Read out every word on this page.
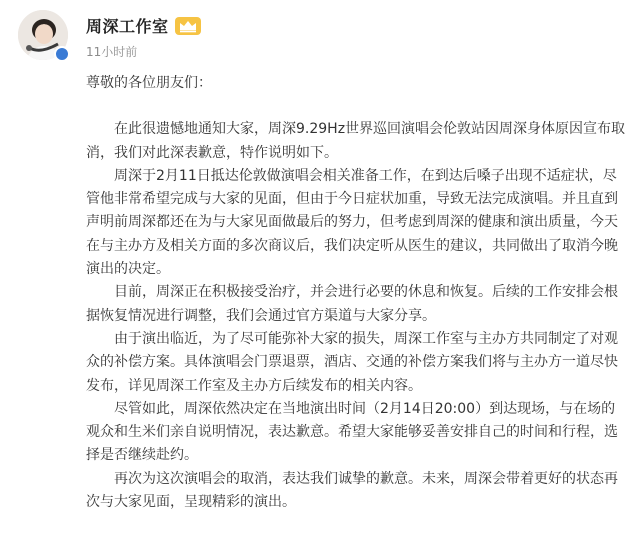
周深工作室
11小时前

尊敬的各位朋友们：

在此很遗憾地通知大家，周深9.29Hz世界巡回演唱会伦敦站因周深身体原因宣布取消，我们对此深表歉意，特作说明如下。

周深于2月11日抵达伦敦做演唱会相关准备工作，在到达后嗓子出现不适症状，尽管他非常希望完成与大家的见面，但由于今日症状加重，导致无法完成演唱。并且直到声明前周深都还在为与大家见面做最后的努力，但考虑到周深的健康和演出质量，今天在与主办方及相关方面的多次商议后，我们决定听从医生的建议，共同做出了取消今晚演出的决定。

目前，周深正在积极接受治疗，并会进行必要的休息和恢复。后续的工作安排会根据恢复情况进行调整，我们会通过官方渠道与大家分享。

由于演出临近，为了尽可能弥补大家的损失，周深工作室与主办方共同制定了对观众的补偿方案。具体演唱会门票退票，酒店、交通的补偿方案我们将与主办方一道尽快发布，详见周深工作室及主办方后续发布的相关内容。

尽管如此，周深依然决定在当地演出时间（2月14日20:00）到达现场，与在场的观众和生米们亲自说明情况，表达歉意。希望大家能够妥善安排自己的时间和行程，选择是否继续赴约。

再次为这次演唱会的取消，表达我们诚挚的歉意。未来，周深会带着更好的状态再次与大家见面，呈现精彩的演出。
